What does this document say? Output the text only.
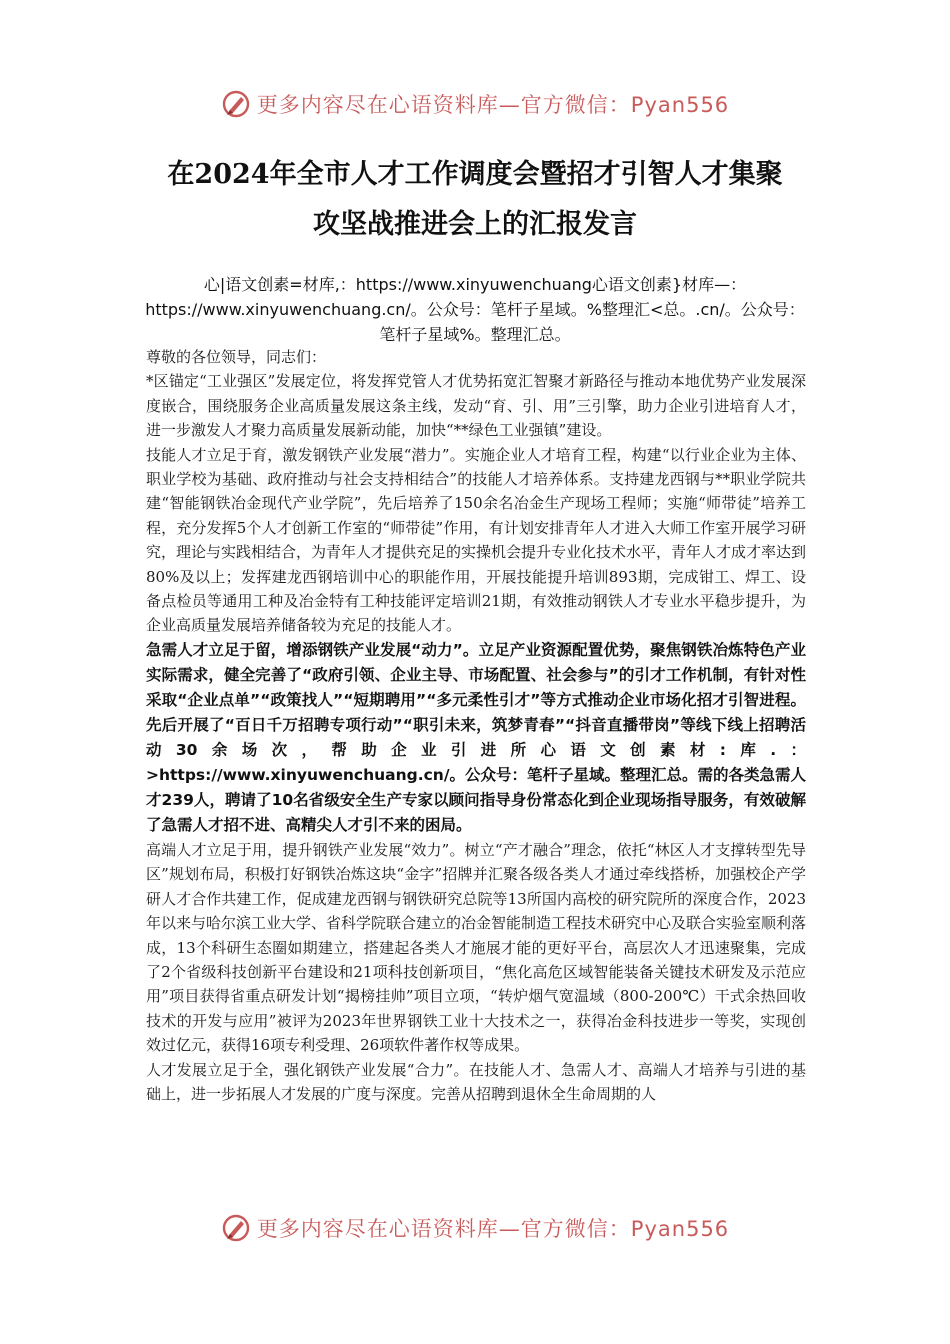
更多内容尽在心语资料库—官方微信：Pyan556
在2024年全市人才工作调度会暨招才引智人才集聚
攻坚战推进会上的汇报发言
心|语文创素=材库,：https://www.xinyuwenchuang心语文创素}材库—：https://www.xinyuwenchuang.cn/。公众号：笔杆子星域。%整理汇<总。.cn/。公众号：笔杆子星域%。整理汇总。

尊敬的各位领导，同志们：

*区锚定“工业强区”发展定位，将发挥党管人才优势拓宽汇智聚才新路径与推动本地优势产业发展深度嵌合，围绕服务企业高质量发展这条主线，发动“育、引、用”三引擎，助力企业引进培育人才，进一步激发人才聚力高质量发展新动能，加快“**绿色工业强镇”建设。

技能人才立足于育，激发钢铁产业发展“潜力”。实施企业人才培育工程，构建“以行业企业为主体、职业学校为基础、政府推动与社会支持相结合”的技能人才培养体系。支持建龙西钢与**职业学院共建“智能钢铁冶金现代产业学院”，先后培养了150余名冶金生产现场工程师；实施“师带徒”培养工程，充分发挥5个人才创新工作室的“师带徒”作用，有计划安排青年人才进入大师工作室开展学习研究，理论与实践相结合，为青年人才提供充足的实操机会提升专业化技术水平，青年人才成才率达到80%及以上；发挥建龙西钢培训中心的职能作用，开展技能提升培训893期，完成钳工、焊工、设备点检员等通用工种及冶金特有工种技能评定培训21期，有效推动钢铁人才专业水平稳步提升，为企业高质量发展培养储备较为充足的技能人才。

急需人才立足于留，增添钢铁产业发展“动力”。立足产业资源配置优势，聚焦钢铁冶炼特色产业实际需求，健全完善了“政府引领、企业主导、市场配置、社会参与”的引才工作机制，有针对性采取“企业点单”“政策找人”“短期聘用”“多元柔性引才”等方式推动企业市场化招才引智进程。先后开展了“百日千万招聘专项行动”“职引未来，筑梦青春”“抖音直播带岗”等线下线上招聘活动30余场次，帮助企业引进所心语文创素材:库.：>https://www.xinyuwenchuang.cn/。公众号：笔杆子星域。整理汇总。需的各类急需人才239人，聘请了10名省级安全生产专家以顾问指导身份常态化到企业现场指导服务，有效破解了急需人才招不进、高精尖人才引不来的困局。

高端人才立足于用，提升钢铁产业发展“效力”。树立“产才融合”理念，依托“林区人才支撑转型先导区”规划布局，积极打好钢铁冶炼这块“金字”招牌并汇聚各级各类人才通过牵线搭桥，加强校企产学研人才合作共建工作，促成建龙西钢与钢铁研究总院等13所国内高校的研究院所的深度合作，2023年以来与哈尔滨工业大学、省科学院联合建立的冶金智能制造工程技术研究中心及联合实验室顺利落成，13个科研生态圈如期建立，搭建起各类人才施展才能的更好平台，高层次人才迅速聚集，完成了2个省级科技创新平台建设和21项科技创新项目，“焦化高危区域智能装备关键技术研发及示范应用”项目获得省重点研发计划“揭榜挂帅”项目立项，“转炉烟气宽温域（800-200℃）干式余热回收技术的开发与应用”被评为2023年世界钢铁工业十大技术之一，获得冶金科技进步一等奖，实现创效过亿元，获得16项专利受理、26项软件著作权等成果。

人才发展立足于全，强化钢铁产业发展“合力”。在技能人才、急需人才、高端人才培养与引进的基础上，进一步拓展人才发展的广度与深度。完善从招聘到退休全生命周期的人

更多内容尽在心语资料库—官方微信：Pyan556
